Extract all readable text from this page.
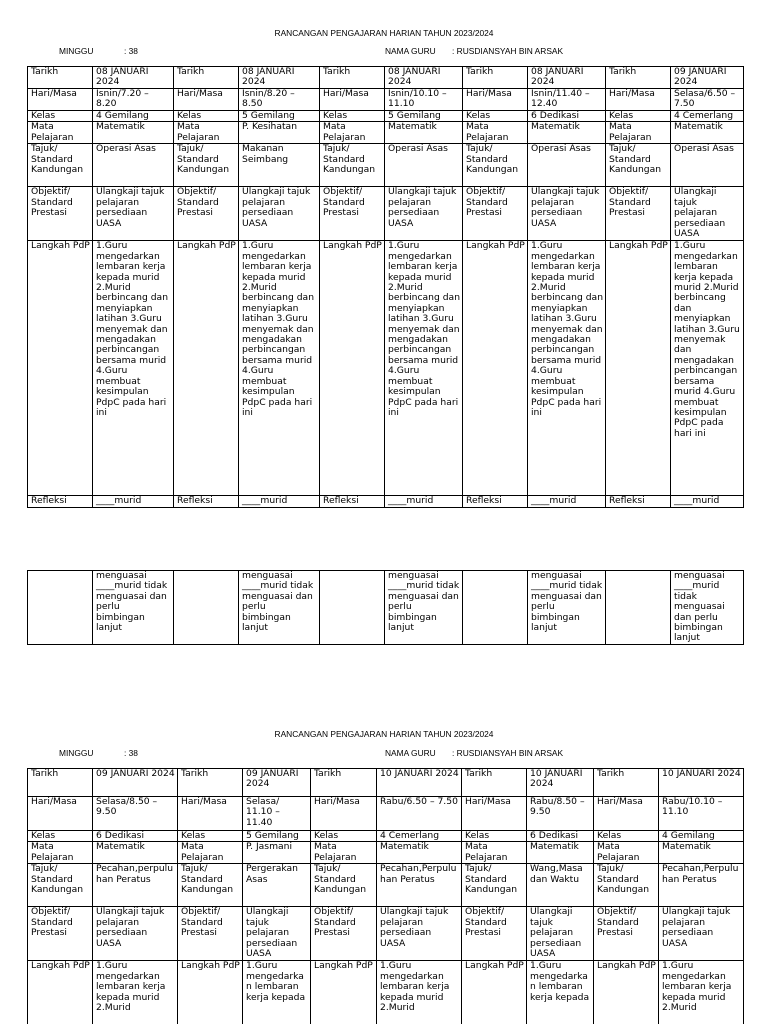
RANCANGAN PENGAJARAN HARIAN TAHUN 2023/2024
MINGGU	: 38	NAMA GURU : RUSDIANSYAH BIN ARSAK
Tarikh	08 JANUARI 2024	Tarikh	08 JANUARI 2024	Tarikh	08 JANUARI 2024	Tarikh	08 JANUARI 2024	Tarikh	09 JANUARI 2024
Hari/Masa	Isnin/7.20 – 8.20	Hari/Masa	Isnin/8.20 – 8.50	Hari/Masa	Isnin/10.10 – 11.10	Hari/Masa	Isnin/11.40 – 12.40	Hari/Masa	Selasa/6.50 – 7.50
Kelas	4 Gemilang	Kelas	5 Gemilang	Kelas	5 Gemilang	Kelas	6 Dedikasi	Kelas	4 Cemerlang
Mata Pelajaran	Matematik	Mata Pelajaran	P. Kesihatan	Mata Pelajaran	Matematik	Mata Pelajaran	Matematik	Mata Pelajaran	Matematik
Tajuk/ Standard Kandungan	Operasi Asas	Tajuk/ Standard Kandungan	Makanan Seimbang	Tajuk/ Standard Kandungan	Operasi Asas	Tajuk/ Standard Kandungan	Operasi Asas	Tajuk/ Standard Kandungan	Operasi Asas
Objektif/ Standard Prestasi	Ulangkaji tajuk pelajaran persediaan UASA	Objektif/ Standard Prestasi	Ulangkaji tajuk pelajaran persediaan UASA	Objektif/ Standard Prestasi	Ulangkaji tajuk pelajaran persediaan UASA	Objektif/ Standard Prestasi	Ulangkaji tajuk pelajaran persediaan UASA	Objektif/ Standard Prestasi	Ulangkaji tajuk pelajaran persediaan UASA
Langkah PdP	1.Guru mengedarkan lembaran kerja kepada murid 2.Murid berbincang dan menyiapkan latihan 3.Guru menyemak dan mengadakan perbincangan bersama murid 4.Guru membuat kesimpulan PdpC pada hari ini	Langkah PdP	1.Guru mengedarkan lembaran kerja kepada murid 2.Murid berbincang dan menyiapkan latihan 3.Guru menyemak dan mengadakan perbincangan bersama murid 4.Guru membuat kesimpulan PdpC pada hari ini	Langkah PdP	1.Guru mengedarkan lembaran kerja kepada murid 2.Murid berbincang dan menyiapkan latihan 3.Guru menyemak dan mengadakan perbincangan bersama murid 4.Guru membuat kesimpulan PdpC pada hari ini	Langkah PdP	1.Guru mengedarkan lembaran kerja kepada murid 2.Murid berbincang dan menyiapkan latihan 3.Guru menyemak dan mengadakan perbincangan bersama murid 4.Guru membuat kesimpulan PdpC pada hari ini	Langkah PdP	1.Guru mengedarkan lembaran kerja kepada murid 2.Murid berbincang dan menyiapkan latihan 3.Guru menyemak dan mengadakan perbincangan bersama murid 4.Guru membuat kesimpulan PdpC pada hari ini
Refleksi	____murid	Refleksi	____murid	Refleksi	____murid	Refleksi	____murid	Refleksi	____murid
	menguasai ____murid tidak menguasai dan perlu bimbingan lanjut		menguasai ____murid tidak menguasai dan perlu bimbingan lanjut		menguasai ____murid tidak menguasai dan perlu bimbingan lanjut		menguasai ____murid tidak menguasai dan perlu bimbingan lanjut		menguasai ____murid tidak menguasai dan perlu bimbingan lanjut
RANCANGAN PENGAJARAN HARIAN TAHUN 2023/2024
MINGGU	: 38	NAMA GURU : RUSDIANSYAH BIN ARSAK
Tarikh	09 JANUARI 2024	Tarikh	09 JANUARI 2024	Tarikh	10 JANUARI 2024	Tarikh	10 JANUARI 2024	Tarikh	10 JANUARI 2024
Hari/Masa	Selasa/8.50 – 9.50	Hari/Masa	Selasa/ 11.10 – 11.40	Hari/Masa	Rabu/6.50 – 7.50	Hari/Masa	Rabu/8.50 – 9.50	Hari/Masa	Rabu/10.10 – 11.10
Kelas	6 Dedikasi	Kelas	5 Gemilang	Kelas	4 Cemerlang	Kelas	6 Dedikasi	Kelas	4 Gemilang
Mata Pelajaran	Matematik	Mata Pelajaran	P. Jasmani	Mata Pelajaran	Matematik	Mata Pelajaran	Matematik	Mata Pelajaran	Matematik
Tajuk/ Standard Kandungan	Pecahan,perpuluhan Peratus	Tajuk/ Standard Kandungan	Pergerakan Asas	Tajuk/ Standard Kandungan	Pecahan,Perpuluhan Peratus	Tajuk/ Standard Kandungan	Wang,Masa dan Waktu	Tajuk/ Standard Kandungan	Pecahan,Perpuluhan Peratus
Objektif/ Standard Prestasi	Ulangkaji tajuk pelajaran persediaan UASA	Objektif/ Standard Prestasi	Ulangkaji tajuk pelajaran persediaan UASA	Objektif/ Standard Prestasi	Ulangkaji tajuk pelajaran persediaan UASA	Objektif/ Standard Prestasi	Ulangkaji tajuk pelajaran persediaan UASA	Objektif/ Standard Prestasi	Ulangkaji tajuk pelajaran persediaan UASA
Langkah PdP	1.Guru mengedarkan lembaran kerja kepada murid 2.Murid	Langkah PdP	1.Guru mengedarkan lembaran kerja kepada	Langkah PdP	1.Guru mengedarkan lembaran kerja kepada murid 2.Murid	Langkah PdP	1.Guru mengedarkan lembaran kerja kepada	Langkah PdP	1.Guru mengedarkan lembaran kerja kepada murid 2.Murid
